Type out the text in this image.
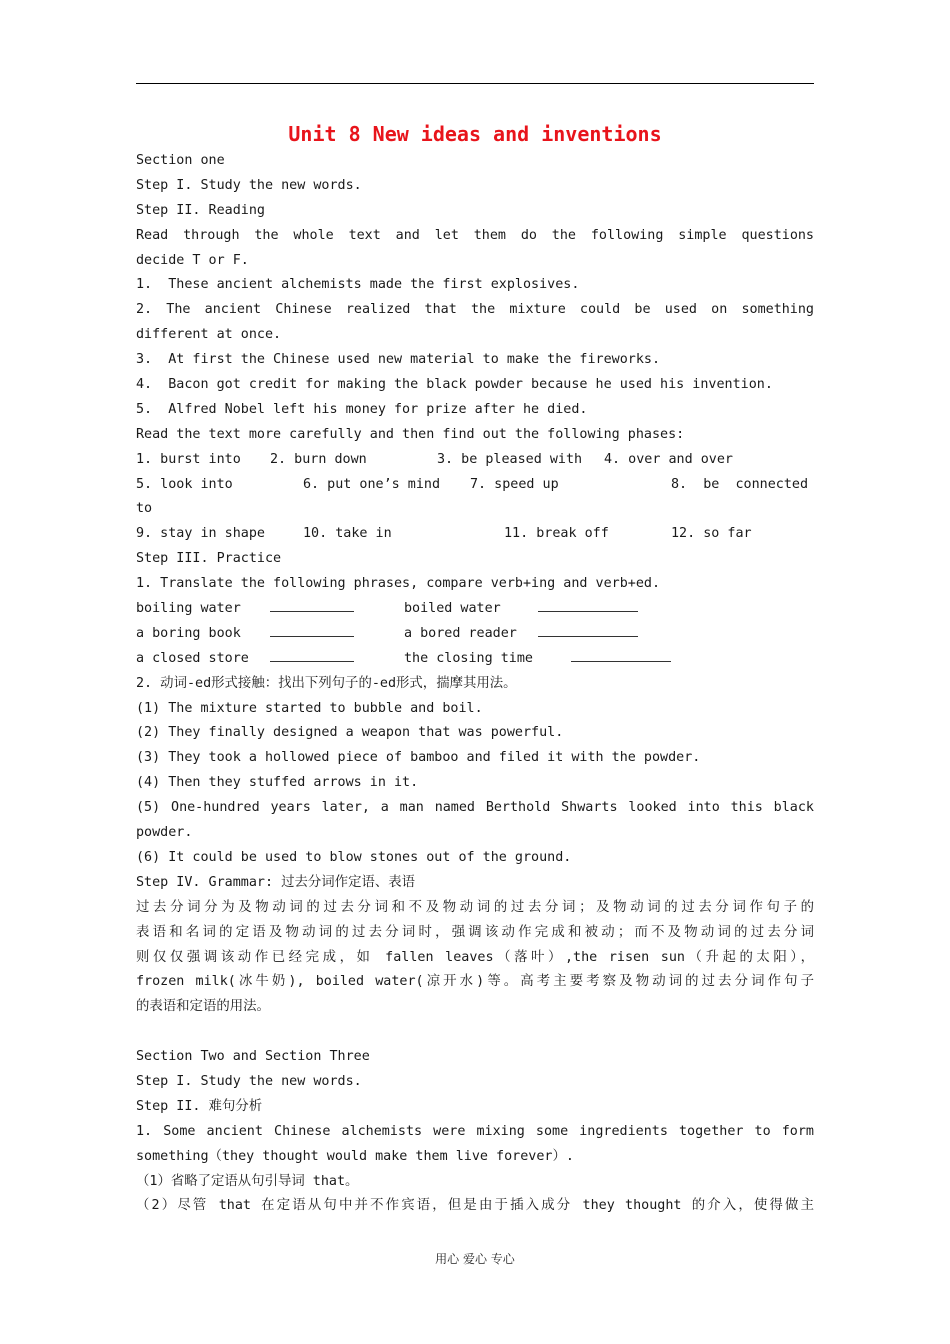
Unit 8 New ideas and inventions
Section one
Step I. Study the new words.
Step II. Reading
Read through the whole text and let them do the following simple questions
decide T or F.
1.  These ancient alchemists made the first explosives.
2. The ancient Chinese realized that the mixture could be used on something
different at once.
3.  At first the Chinese used new material to make the fireworks.
4.  Bacon got credit for making the black powder because he used his invention.
5.  Alfred Nobel left his money for prize after he died.
Read the text more carefully and then find out the following phases:
1. burst into	2. burn down	3. be pleased with	4. over and over
5. look into	6. put one’s mind	7. speed up	8.  be  connected
to
9. stay in shape	10. take in	11. break off	12. so far
Step III. Practice
1. Translate the following phrases, compare verb+ing and verb+ed.
boiling water	boiled water
a boring book	a bored reader
a closed store	the closing time
2. 动词-ed形式接触：找出下列句子的-ed形式，揣摩其用法。
(1) The mixture started to bubble and boil.
(2) They finally designed a weapon that was powerful.
(3) They took a hollowed piece of bamboo and filed it with the powder.
(4) Then they stuffed arrows in it.
(5) One-hundred years later, a man named Berthold Shwarts looked into this black
powder.
(6) It could be used to blow stones out of the ground.
Step IV. Grammar: 过去分词作定语、表语
过去分词分为及物动词的过去分词和不及物动词的过去分词；及物动词的过去分词作句子的
表语和名词的定语及物动词的过去分词时，强调该动作完成和被动；而不及物动词的过去分词
则仅仅强调该动作已经完成，如 fallen leaves（落叶）,the risen sun（升起的太阳），
frozen milk(冰牛奶), boiled water(凉开水)等。高考主要考察及物动词的过去分词作句子
的表语和定语的用法。
Section Two and Section Three
Step I. Study the new words.
Step II. 难句分析
1. Some ancient Chinese alchemists were mixing some ingredients together to form
something（they thought would make them live forever）.
（1）省略了定语从句引导词 that。
（2）尽管 that 在定语从句中并不作宾语，但是由于插入成分 they thought 的介入，使得做主
用心 爱心 专心
